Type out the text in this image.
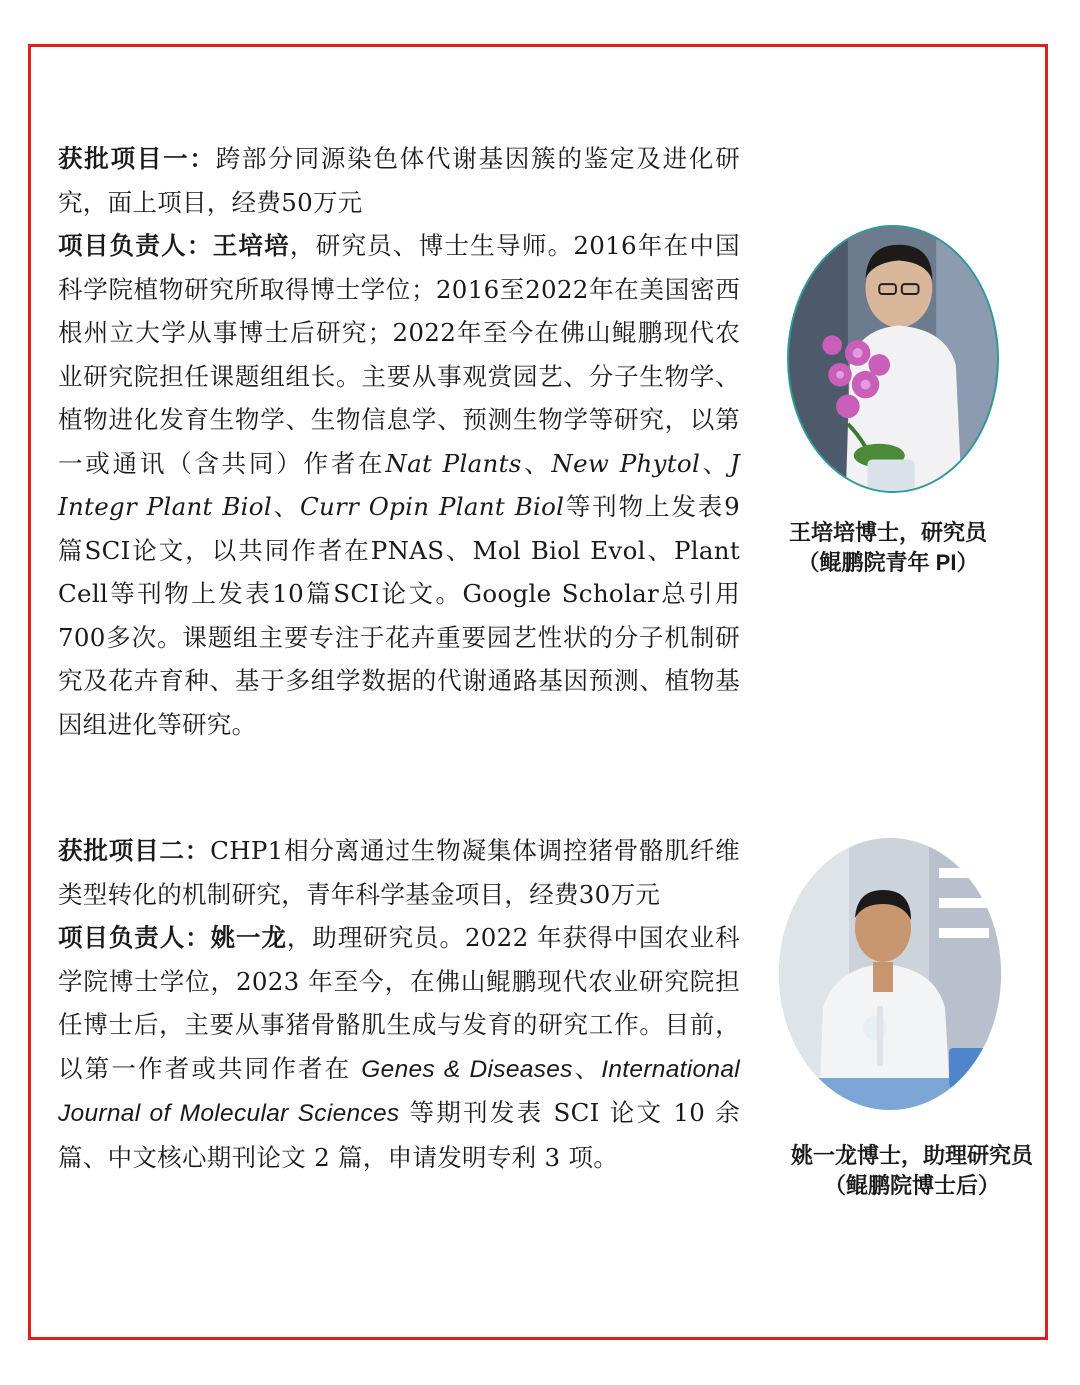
获批项目一：跨部分同源染色体代谢基因簇的鉴定及进化研究，面上项目，经费50万元

项目负责人：王培培，研究员、博士生导师。2016年在中国科学院植物研究所取得博士学位；2016至2022年在美国密西根州立大学从事博士后研究；2022年至今在佛山鲲鹏现代农业研究院担任课题组组长。主要从事观赏园艺、分子生物学、植物进化发育生物学、生物信息学、预测生物学等研究，以第一或通讯（含共同）作者在Nat Plants、New Phytol、J Integr Plant Biol、Curr Opin Plant Biol等刊物上发表9篇SCI论文，以共同作者在PNAS、Mol Biol Evol、Plant Cell等刊物上发表10篇SCI论文。Google Scholar总引用700多次。课题组主要专注于花卉重要园艺性状的分子机制研究及花卉育种、基于多组学数据的代谢通路基因预测、植物基因组进化等研究。

王培培博士，研究员
（鲲鹏院青年 PI）

获批项目二：CHP1相分离通过生物凝集体调控猪骨骼肌纤维类型转化的机制研究，青年科学基金项目，经费30万元

项目负责人：姚一龙，助理研究员。2022 年获得中国农业科学院博士学位，2023 年至今，在佛山鲲鹏现代农业研究院担任博士后，主要从事猪骨骼肌生成与发育的研究工作。目前，以第一作者或共同作者在 Genes & Diseases、International Journal of Molecular Sciences 等期刊发表 SCI 论文 10 余篇、中文核心期刊论文 2 篇，申请发明专利 3 项。	姚一龙博士，助理研究员
（鲲鹏院博士后）
